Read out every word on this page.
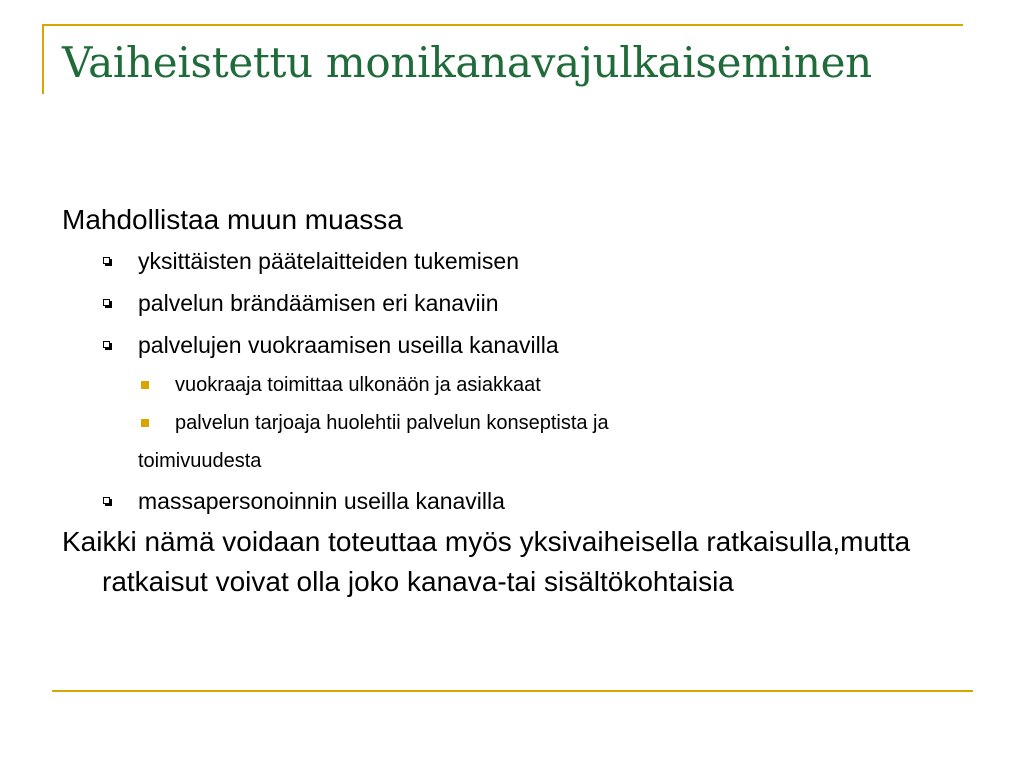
Vaiheistettu monikanavajulkaiseminen

Mahdollistaa muun muassa

yksittäisten päätelaitteiden tukemisen

palvelun brändäämisen eri kanaviin

palvelujen vuokraamisen useilla kanavilla

vuokraaja toimittaa ulkonäön ja asiakkaat

palvelun tarjoaja huolehtii palvelun konseptista ja

toimivuudesta

massapersonoinnin useilla kanavilla

Kaikki nämä voidaan toteuttaa myös yksivaiheisella ratkaisulla,mutta ratkaisut voivat olla joko kanava-tai sisältökohtaisia
